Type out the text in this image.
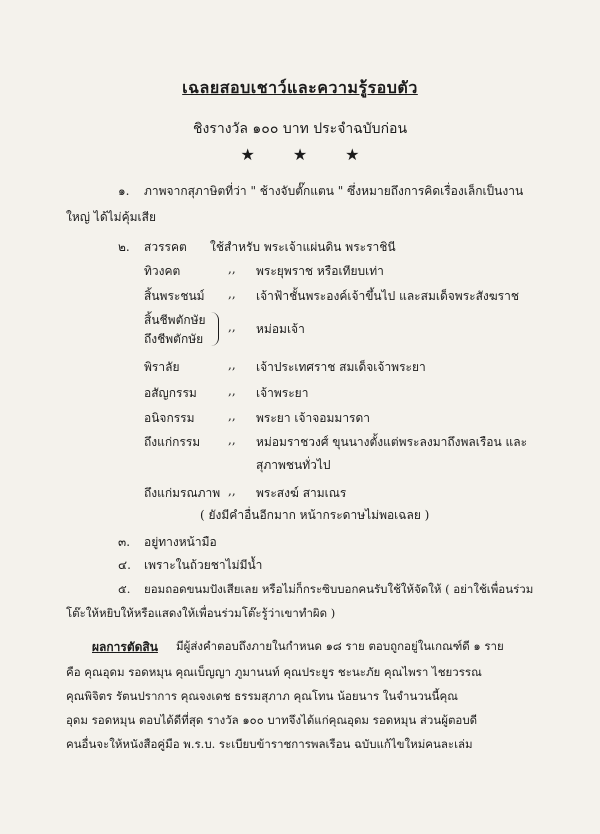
เฉลยสอบเชาว์และความรู้รอบตัว
ชิงรางวัล ๑๐๐ บาท ประจำฉบับก่อน
★★★
๑. ภาพจากสุภาษิตที่ว่า " ช้างจับตั๊กแตน " ซึ่งหมายถึงการคิดเรื่องเล็กเป็นงาน
ใหญ่ ได้ไม่คุ้มเสีย
๒. สวรรคต ใช้สำหรับ พระเจ้าแผ่นดิน พระราชินี
ทิวงคต	,, พระยุพราช หรือเทียบเท่า
สิ้นพระชนม์ ,, เจ้าฟ้าชั้นพระองค์เจ้าขึ้นไป และสมเด็จพระสังฆราช
สิ้นชีพตักษัย
ถึงชีพตักษัย
,, หม่อมเจ้า
พิราลัย	,, เจ้าประเทศราช สมเด็จเจ้าพระยา
อสัญกรรม	,, เจ้าพระยา
อนิจกรรม	,, พระยา เจ้าจอมมารดา
ถึงแก่กรรม ,, หม่อมราชวงศ์ ขุนนางตั้งแต่พระลงมาถึงพลเรือน และ
สุภาพชนทั่วไป
ถึงแก่มรณภาพ ,, พระสงฆ์ สามเณร
( ยังมีคำอื่นอีกมาก หน้ากระดาษไม่พอเฉลย )
๓. อยู่ทางหน้ามือ
๔. เพราะในถ้วยชาไม่มีน้ำ
๕. ยอมถอดขนมปังเสียเลย หรือไม่ก็กระซิบบอกคนรับใช้ให้จัดให้ ( อย่าใช้เพื่อนร่วม
โต๊ะให้หยิบให้หรือแสดงให้เพื่อนร่วมโต๊ะรู้ว่าเขาทำผิด )
ผลการตัดสิน มีผู้ส่งคำตอบถึงภายในกำหนด ๑๘ ราย ตอบถูกอยู่ในเกณฑ์ดี ๑ ราย
คือ คุณอุดม รอดหมุน คุณเบ็ญญา ภูมานนท์ คุณประยูร ชะนะภัย คุณไพรา ไชยวรรณ
คุณพิจิตร รัตนปราการ คุณจงเดช ธรรมสุภาภ คุณโทน น้อยนาร ในจำนวนนี้คุณ
อุดม รอดหมุน ตอบได้ดีที่สุด รางวัล ๑๐๐ บาทจึงได้แก่คุณอุดม รอดหมุน ส่วนผู้ตอบดี
คนอื่นจะให้หนังสือคู่มือ พ.ร.บ. ระเบียบข้าราชการพลเรือน ฉบับแก้ไขใหม่คนละเล่ม
